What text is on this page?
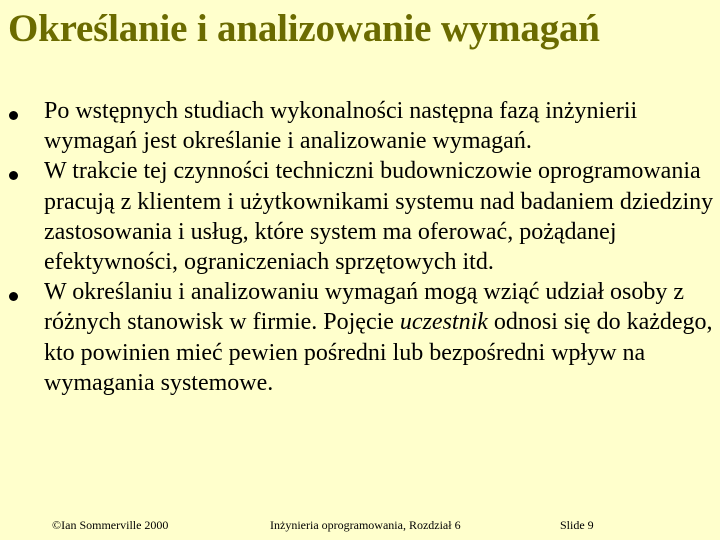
Określanie i analizowanie wymagań
Po wstępnych studiach wykonalności następna fazą inżynierii wymagań jest określanie i analizowanie wymagań.
W trakcie tej czynności techniczni budowniczowie oprogramowania pracują z klientem i użytkownikami systemu nad badaniem dziedziny zastosowania i usług, które system ma oferować, pożądanej efektywności, ograniczeniach sprzętowych itd.
W określaniu i analizowaniu wymagań mogą wziąć udział osoby z różnych stanowisk w firmie. Pojęcie uczestnik odnosi się do każdego, kto powinien mieć pewien pośredni lub bezpośredni wpływ na wymagania systemowe.
©Ian Sommerville 2000	Inżynieria oprogramowania, Rozdział 6	Slide 9
